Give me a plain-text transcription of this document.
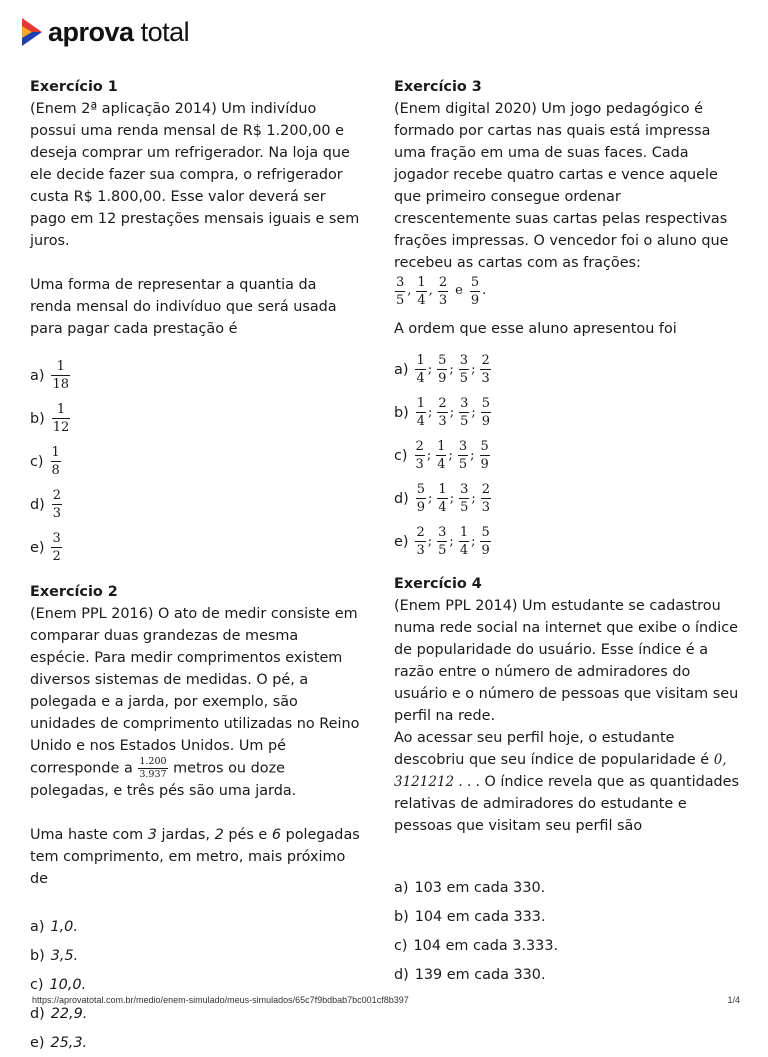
aprova total
Exercício 1

(Enem 2ª aplicação 2014) Um indivíduo possui uma renda mensal de R$ 1.200,00 e deseja comprar um refrigerador. Na loja que ele decide fazer sua compra, o refrigerador custa R$ 1.800,00. Esse valor deverá ser pago em 12 prestações mensais iguais e sem juros.

Uma forma de representar a quantia da renda mensal do indivíduo que será usada para pagar cada prestação é

$a) \frac{1}{18}$
$b) \frac{1}{12}$
$c) \frac{1}{8}$
$d) \frac{2}{3}$
$e) \frac{3}{2}$
Exercício 2

(Enem PPL 2016) O ato de medir consiste em comparar duas grandezas de mesma espécie. Para medir comprimentos existem diversos sistemas de medidas. O pé, a polegada e a jarda, por exemplo, são unidades de comprimento utilizadas no Reino Unido e nos Estados Unidos. Um pé corresponde a $\frac{1.200}{3.937}$ metros ou doze polegadas, e três pés são uma jarda.

Uma haste com 3 jardas, 2 pés e 6 polegadas tem comprimento, em metro, mais próximo de

a) 1,0.
b) 3,5.
c) 10,0.
d) 22,9.
e) 25,3.
Exercício 3

(Enem digital 2020) Um jogo pedagógico é formado por cartas nas quais está impressa uma fração em uma de suas faces. Cada jogador recebe quatro cartas e vence aquele que primeiro consegue ordenar crescentemente suas cartas pelas respectivas frações impressas. O vencedor foi o aluno que recebeu as cartas com as frações:

$\frac{3}{5}$ , $\frac{1}{4}$ , $\frac{2}{3}$ e $\frac{5}{9}$ .

A ordem que esse aluno apresentou foi

$a) \frac{1}{4}$ ; $\frac{5}{9}$ ; $\frac{3}{5}$ ; $\frac{2}{3}$
$b) \frac{1}{4}$ ; $\frac{2}{3}$ ; $\frac{3}{5}$ ; $\frac{5}{9}$
$c) \frac{2}{3}$ ; $\frac{1}{4}$ ; $\frac{3}{5}$ ; $\frac{5}{9}$
$d) \frac{5}{9}$ ; $\frac{1}{4}$ ; $\frac{3}{5}$ ; $\frac{2}{3}$
$e) \frac{2}{3}$ ; $\frac{3}{5}$ ; $\frac{1}{4}$ ; $\frac{5}{9}$
Exercício 4

(Enem PPL 2014) Um estudante se cadastrou numa rede social na internet que exibe o índice de popularidade do usuário. Esse índice é a razão entre o número de admiradores do usuário e o número de pessoas que visitam seu perfil na rede.

Ao acessar seu perfil hoje, o estudante descobriu que seu índice de popularidade é 0, 3121212 . . . O índice revela que as quantidades relativas de admiradores do estudante e pessoas que visitam seu perfil são

a) 103 em cada 330.
b) 104 em cada 333.
c) 104 em cada 3.333.
d) 139 em cada 330.
https://aprovatotal.com.br/medio/enem-simulado/meus-simulados/65c7f9bdbab7bc001cf8b397	1/4
